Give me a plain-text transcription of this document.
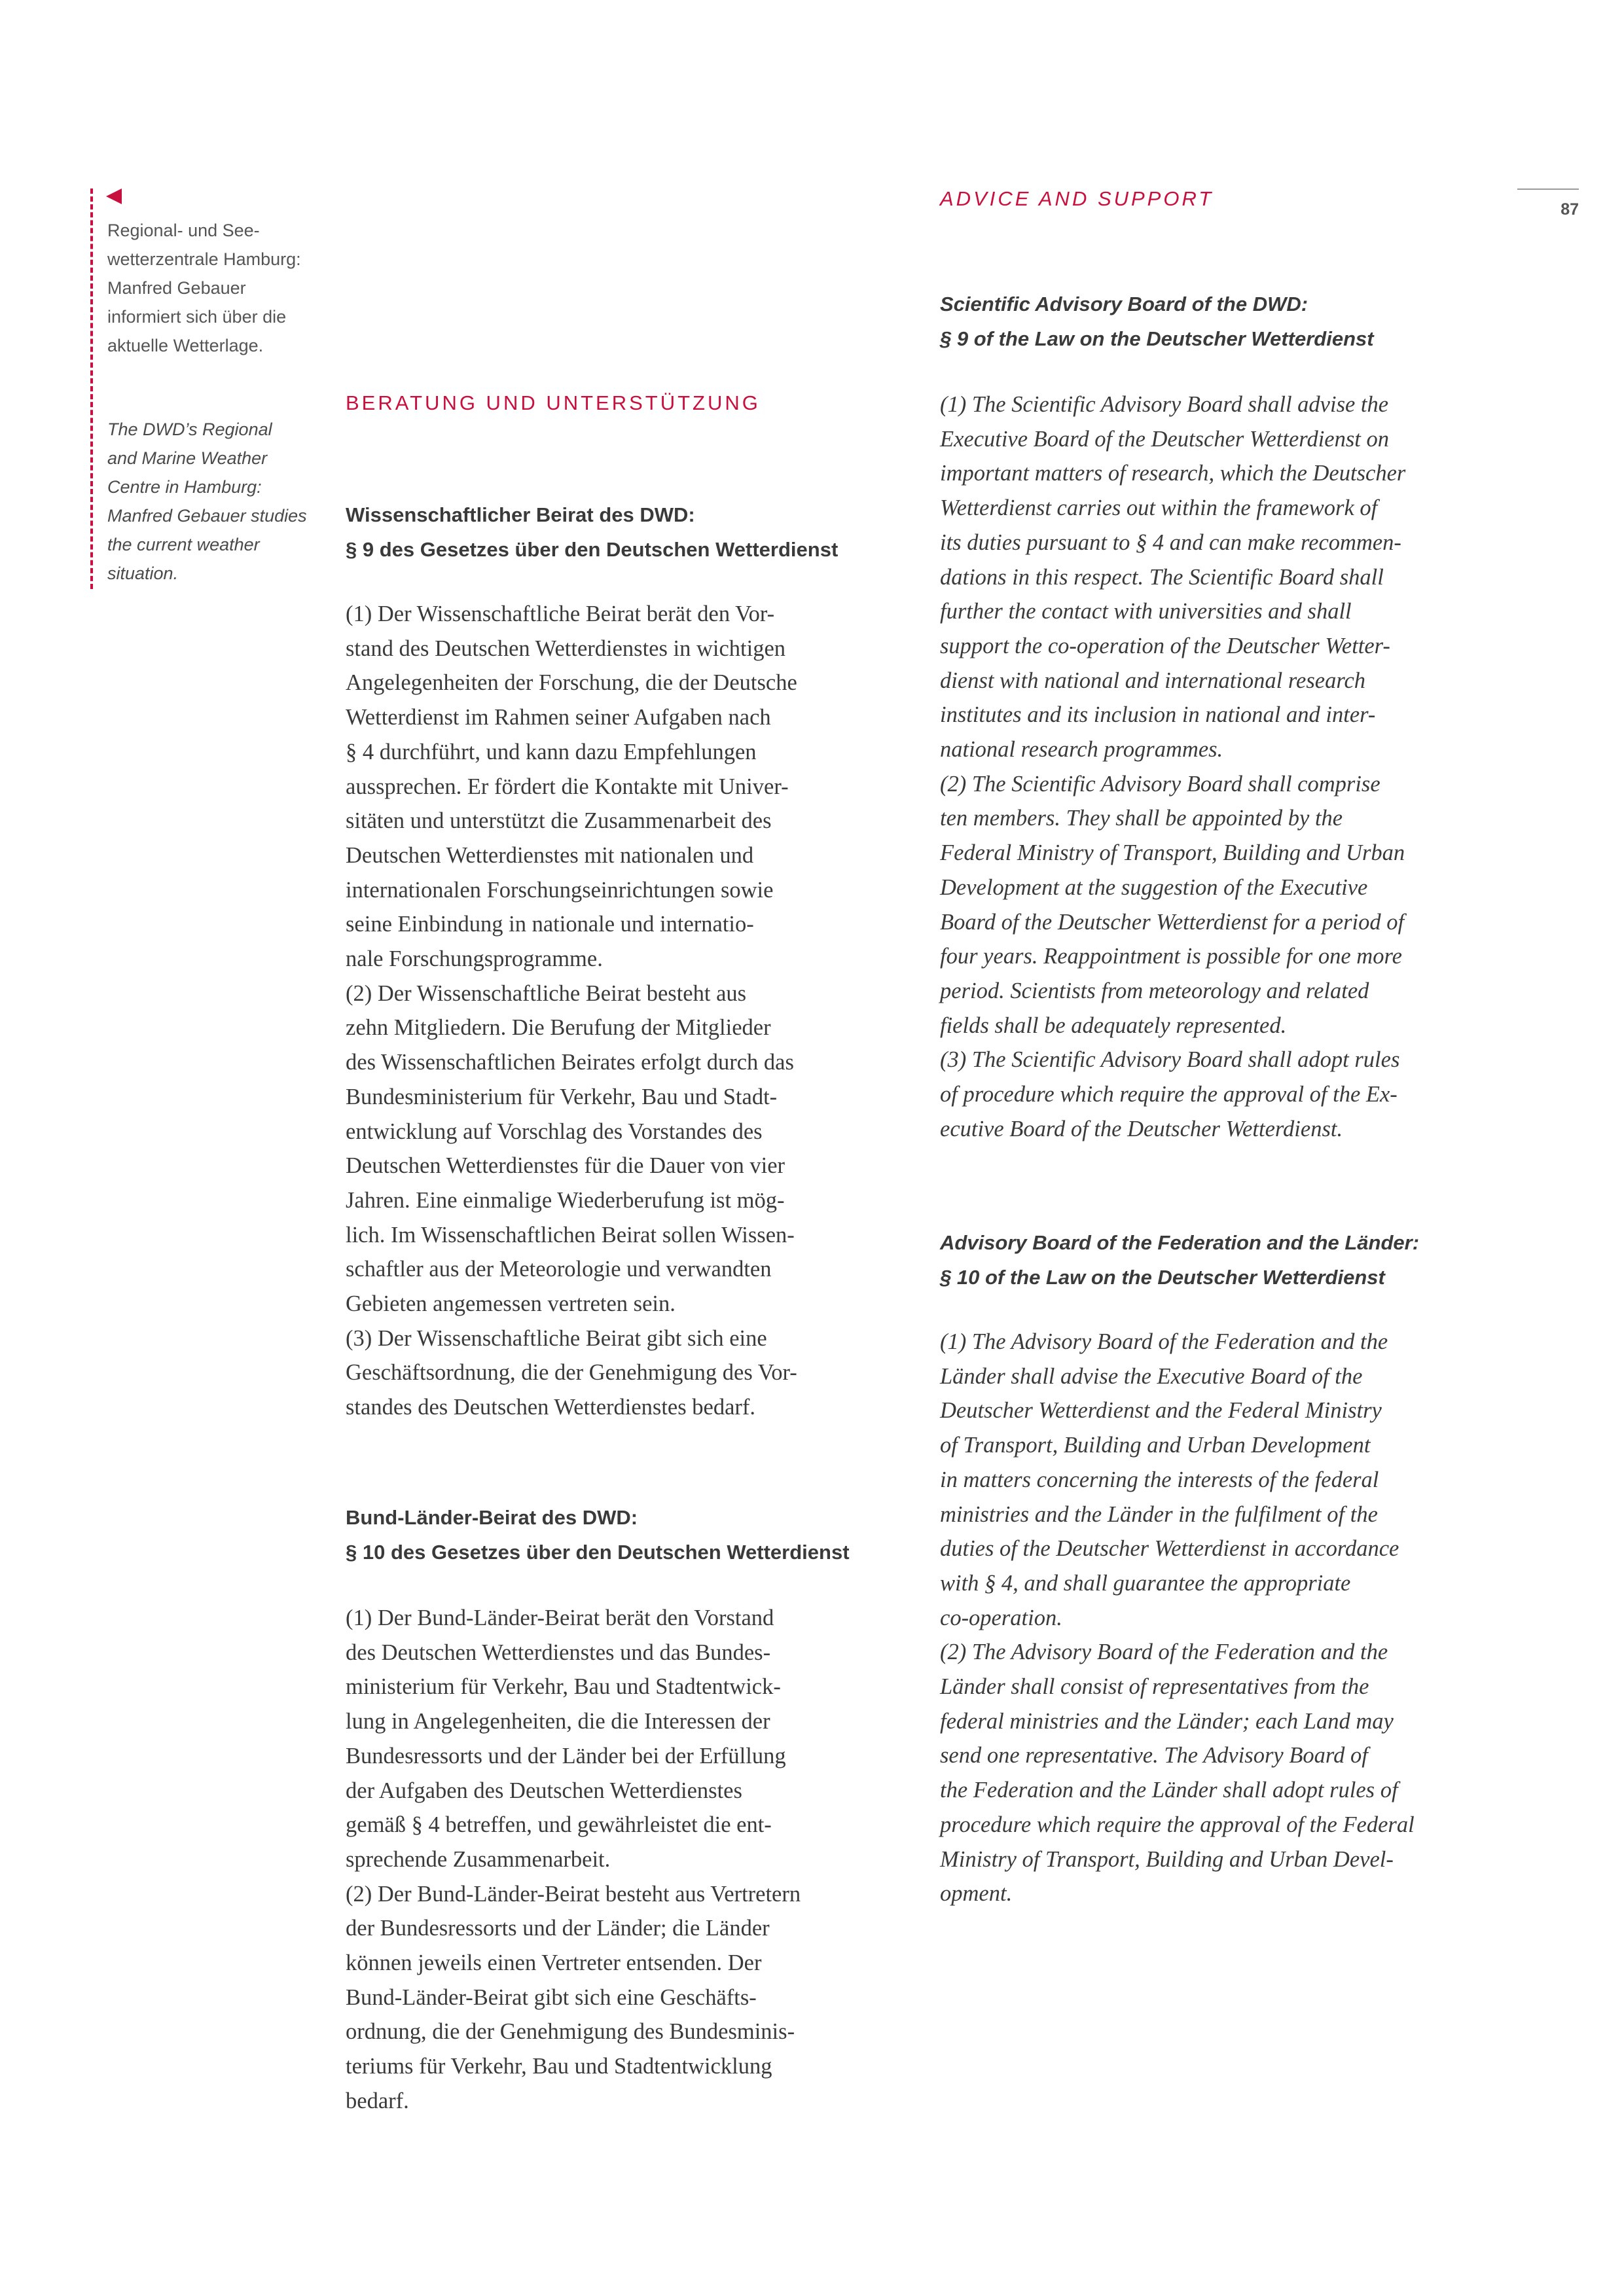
Regional- und See-

wetterzentrale Hamburg:

Manfred Gebauer

informiert sich über die

aktuelle Wetterlage.

The DWD’s Regional

and Marine Weather

Centre in Hamburg:

Manfred Gebauer studies

the current weather

situation.

87
BERATUNG UND UNTERSTÜTZUNG
ADVICE AND SUPPORT
Wissenschaftlicher Beirat des DWD:
§ 9 des Gesetzes über den Deutschen Wetterdienst
(1) Der Wissenschaftliche Beirat berät den Vor-
stand des Deutschen Wetterdienstes in wichtigen
Angelegenheiten der Forschung, die der Deutsche
Wetterdienst im Rahmen seiner Aufgaben nach
§ 4 durchführt, und kann dazu Empfehlungen
aussprechen. Er fördert die Kontakte mit Univer-
sitäten und unterstützt die Zusammenarbeit des
Deutschen Wetterdienstes mit nationalen und
internationalen Forschungseinrichtungen sowie
seine Einbindung in nationale und internatio-
nale Forschungsprogramme.
(2) Der Wissenschaftliche Beirat besteht aus
zehn Mitgliedern. Die Berufung der Mitglieder
des Wissenschaftlichen Beirates erfolgt durch das
Bundesministerium für Verkehr, Bau und Stadt-
entwicklung auf Vorschlag des Vorstandes des
Deutschen Wetterdienstes für die Dauer von vier
Jahren. Eine einmalige Wiederberufung ist mög-
lich. Im Wissenschaftlichen Beirat sollen Wissen-
schaftler aus der Meteorologie und verwandten
Gebieten angemessen vertreten sein.
(3) Der Wissenschaftliche Beirat gibt sich eine
Geschäftsordnung, die der Genehmigung des Vor-
standes des Deutschen Wetterdienstes bedarf.
Bund-Länder-Beirat des DWD:
§ 10 des Gesetzes über den Deutschen Wetterdienst
(1) Der Bund-Länder-Beirat berät den Vorstand
des Deutschen Wetterdienstes und das Bundes-
ministerium für Verkehr, Bau und Stadtentwick-
lung in Angelegenheiten, die die Interessen der
Bundesressorts und der Länder bei der Erfüllung
der Aufgaben des Deutschen Wetterdienstes
gemäß § 4 betreffen, und gewährleistet die ent-
sprechende Zusammenarbeit.
(2) Der Bund-Länder-Beirat besteht aus Vertretern
der Bundesressorts und der Länder; die Länder
können jeweils einen Vertreter entsenden. Der
Bund-Länder-Beirat gibt sich eine Geschäfts-
ordnung, die der Genehmigung des Bundesminis-
teriums für Verkehr, Bau und Stadtentwicklung
bedarf.
Scientific Advisory Board of the DWD:
§ 9 of the Law on the Deutscher Wetterdienst
(1) The Scientific Advisory Board shall advise the
Executive Board of the Deutscher Wetterdienst on
important matters of research, which the Deutscher
Wetterdienst carries out within the framework of
its duties pursuant to § 4 and can make recommen-
dations in this respect. The Scientific Board shall
further the contact with universities and shall
support the co-operation of the Deutscher Wetter-
dienst with national and international research
institutes and its inclusion in national and inter-
national research programmes.
(2) The Scientific Advisory Board shall comprise
ten members. They shall be appointed by the
Federal Ministry of Transport, Building and Urban
Development at the suggestion of the Executive
Board of the Deutscher Wetterdienst for a period of
four years. Reappointment is possible for one more
period. Scientists from meteorology and related
fields shall be adequately represented.
(3) The Scientific Advisory Board shall adopt rules
of procedure which require the approval of the Ex-
ecutive Board of the Deutscher Wetterdienst.
Advisory Board of the Federation and the Länder:
§ 10 of the Law on the Deutscher Wetterdienst
(1) The Advisory Board of the Federation and the
Länder shall advise the Executive Board of the
Deutscher Wetterdienst and the Federal Ministry
of Transport, Building and Urban Development
in matters concerning the interests of the federal
ministries and the Länder in the fulfilment of the
duties of the Deutscher Wetterdienst in accordance
with § 4, and shall guarantee the appropriate
co-operation.
(2) The Advisory Board of the Federation and the
Länder shall consist of representatives from the
federal ministries and the Länder; each Land may
send one representative. The Advisory Board of
the Federation and the Länder shall adopt rules of
procedure which require the approval of the Federal
Ministry of Transport, Building and Urban Devel-
opment.
